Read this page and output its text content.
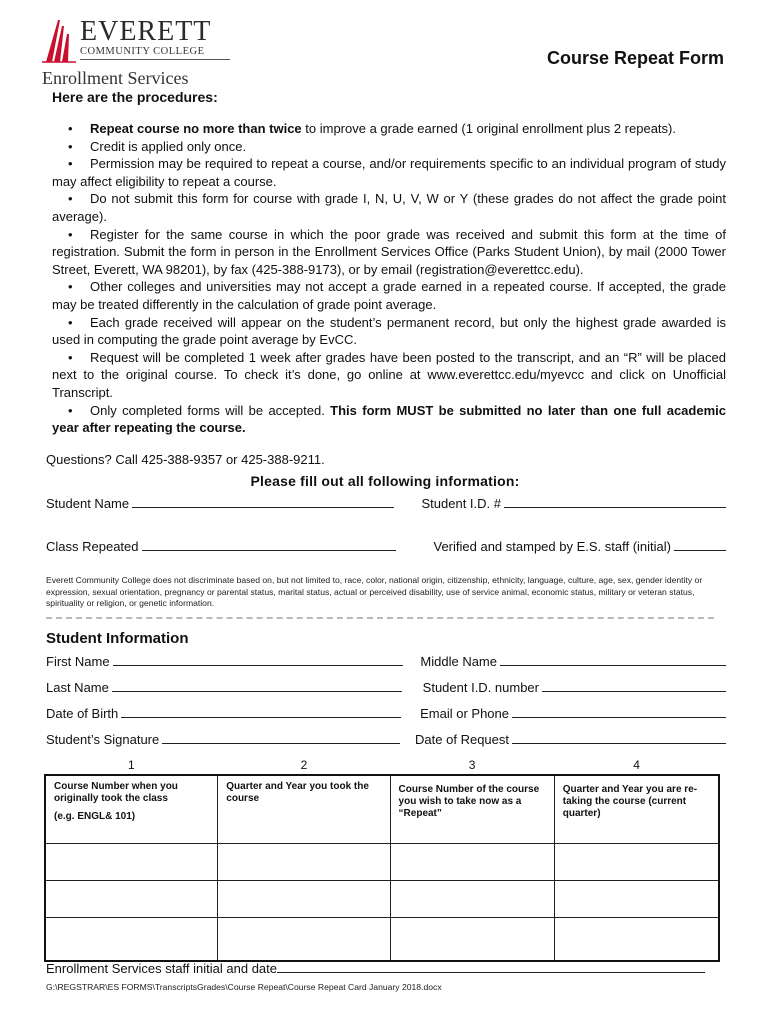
EVERETT
COMMUNITY COLLEGE
Enrollment Services
Course Repeat Form
Here are the procedures:
• Repeat course no more than twice to improve a grade earned (1 original enrollment plus 2 repeats).
• Credit is applied only once.
• Permission may be required to repeat a course, and/or requirements specific to an individual program of study may affect eligibility to repeat a course.
• Do not submit this form for course with grade I, N, U, V, W or Y (these grades do not affect the grade point average).
• Register for the same course in which the poor grade was received and submit this form at the time of registration. Submit the form in person in the Enrollment Services Office (Parks Student Union), by mail (2000 Tower Street, Everett, WA 98201), by fax (425-388-9173), or by email (registration@everettcc.edu).
• Other colleges and universities may not accept a grade earned in a repeated course. If accepted, the grade may be treated differently in the calculation of grade point average.
• Each grade received will appear on the student’s permanent record, but only the highest grade awarded is used in computing the grade point average by EvCC.
• Request will be completed 1 week after grades have been posted to the transcript, and an “R” will be placed next to the original course. To check it’s done, go online at www.everettcc.edu/myevcc and click on Unofficial Transcript.
• Only completed forms will be accepted. This form MUST be submitted no later than one full academic year after repeating the course.
Questions? Call 425-388-9357 or 425-388-9211.
Please fill out all following information:
Student Name	Student I.D. #
Class Repeated	Verified and stamped by E.S. staff (initial)
Everett Community College does not discriminate based on, but not limited to, race, color, national origin, citizenship, ethnicity, language, culture, age, sex, gender identity or expression, sexual orientation, pregnancy or parental status, marital status, actual or perceived disability, use of service animal, economic status, military or veteran status, spirituality or religion, or genetic information.
Student Information
First Name	Middle Name
Last Name	Student I.D. number
Date of Birth	Email or Phone
Student’s Signature	Date of Request
1	2	3	4

Course Number when you originally took the class
(e.g. ENGL& 101)	Quarter and Year you took the course	Course Number of the course you wish to take now as a “Repeat”	Quarter and Year you are re-taking the course (current quarter)

Enrollment Services staff initial and date
G:\REGSTRAR\ES FORMS\TranscriptsGrades\Course Repeat\Course Repeat Card January 2018.docx
